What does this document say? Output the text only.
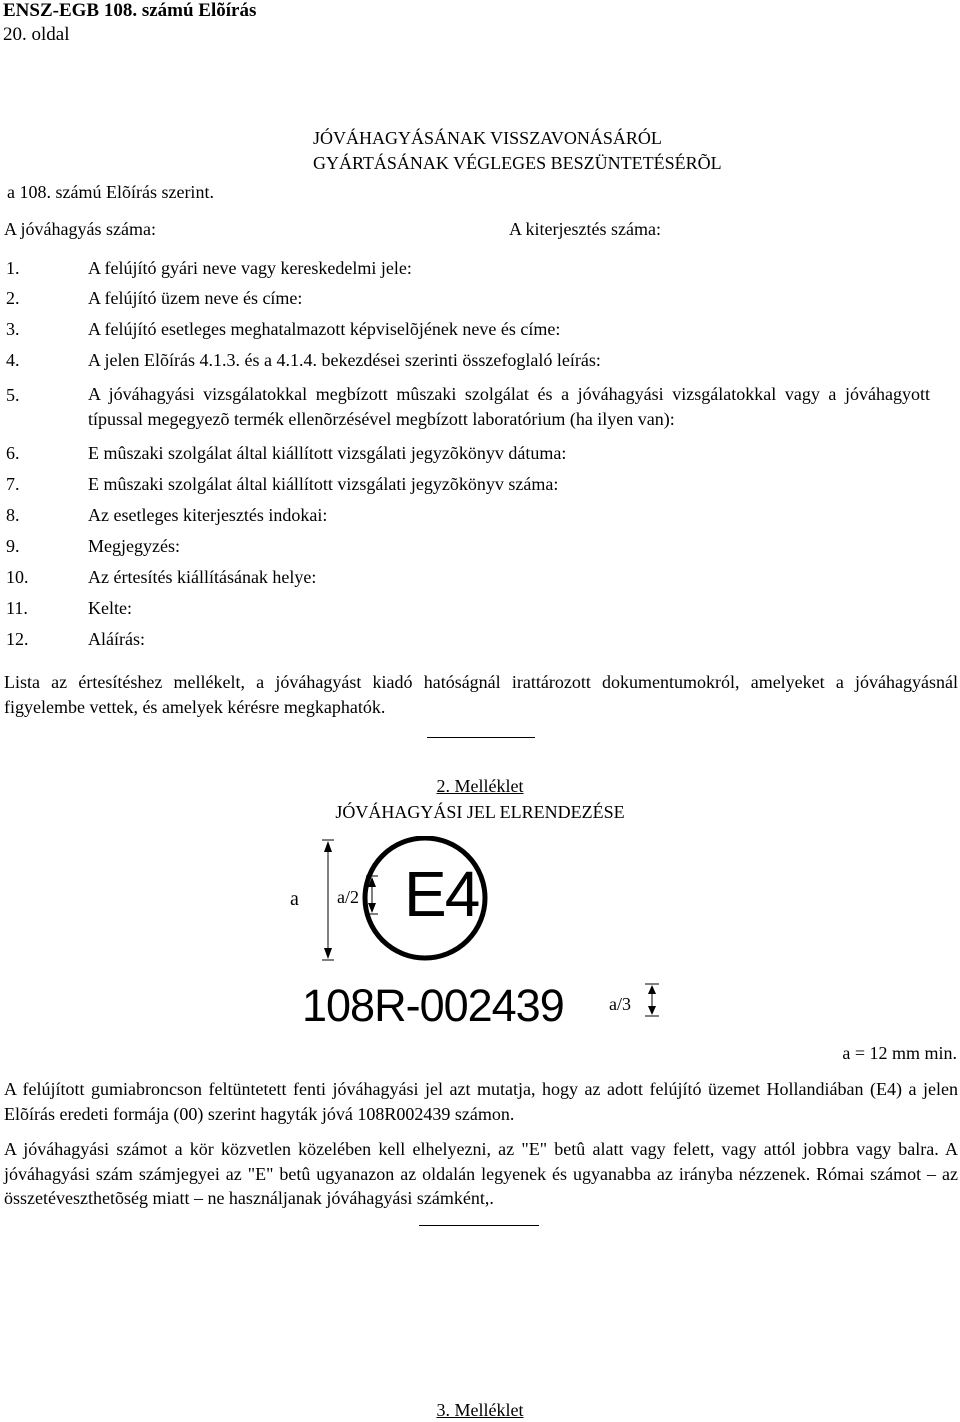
ENSZ-EGB 108. számú Elõírás
20. oldal
JÓVÁHAGYÁSÁNAK VISSZAVONÁSÁRÓL
GYÁRTÁSÁNAK VÉGLEGES BESZÜNTETÉSÉRÕL
a 108. számú Elõírás szerint.
A jóváhagyás száma:	A kiterjesztés száma:
1.	A felújító gyári neve vagy kereskedelmi jele:
2.	A felújító üzem neve és címe:
3.	A felújító esetleges meghatalmazott képviselõjének neve és címe:
4.	A jelen Elõírás 4.1.3. és a 4.1.4. bekezdései szerinti összefoglaló leírás:
5.	A jóváhagyási vizsgálatokkal megbízott mûszaki szolgálat és a jóváhagyási vizsgálatokkal vagy a jóváhagyott típussal megegyezõ termék ellenõrzésével megbízott laboratórium (ha ilyen van):
6.	E mûszaki szolgálat által kiállított vizsgálati jegyzõkönyv dátuma:
7.	E mûszaki szolgálat által kiállított vizsgálati jegyzõkönyv száma:
8.	Az esetleges kiterjesztés indokai:
9.	Megjegyzés:
10.	Az értesítés kiállításának helye:
11.	Kelte:
12.	Aláírás:
Lista az értesítéshez mellékelt, a jóváhagyást kiadó hatóságnál irattározott dokumentumokról, amelyeket a jóváhagyásnál figyelembe vettek, és amelyek kérésre megkaphatók.
2. Melléklet
JÓVÁHAGYÁSI JEL ELRENDEZÉSE
a a/2 E4
108R-002439	a/3
a = 12 mm min.
A felújított gumiabroncson feltüntetett fenti jóváhagyási jel azt mutatja, hogy az adott felújító üzemet Hollandiában (E4) a jelen Elõírás eredeti formája (00) szerint hagyták jóvá 108R002439 számon.
A jóváhagyási számot a kör közvetlen közelében kell elhelyezni, az "E" betû alatt vagy felett, vagy attól jobbra vagy balra. A jóváhagyási szám számjegyei az "E" betû ugyanazon az oldalán legyenek és ugyanabba az irányba nézzenek. Római számot – az összetéveszthetõség miatt – ne használjanak jóváhagyási számként,.
3. Melléklet
